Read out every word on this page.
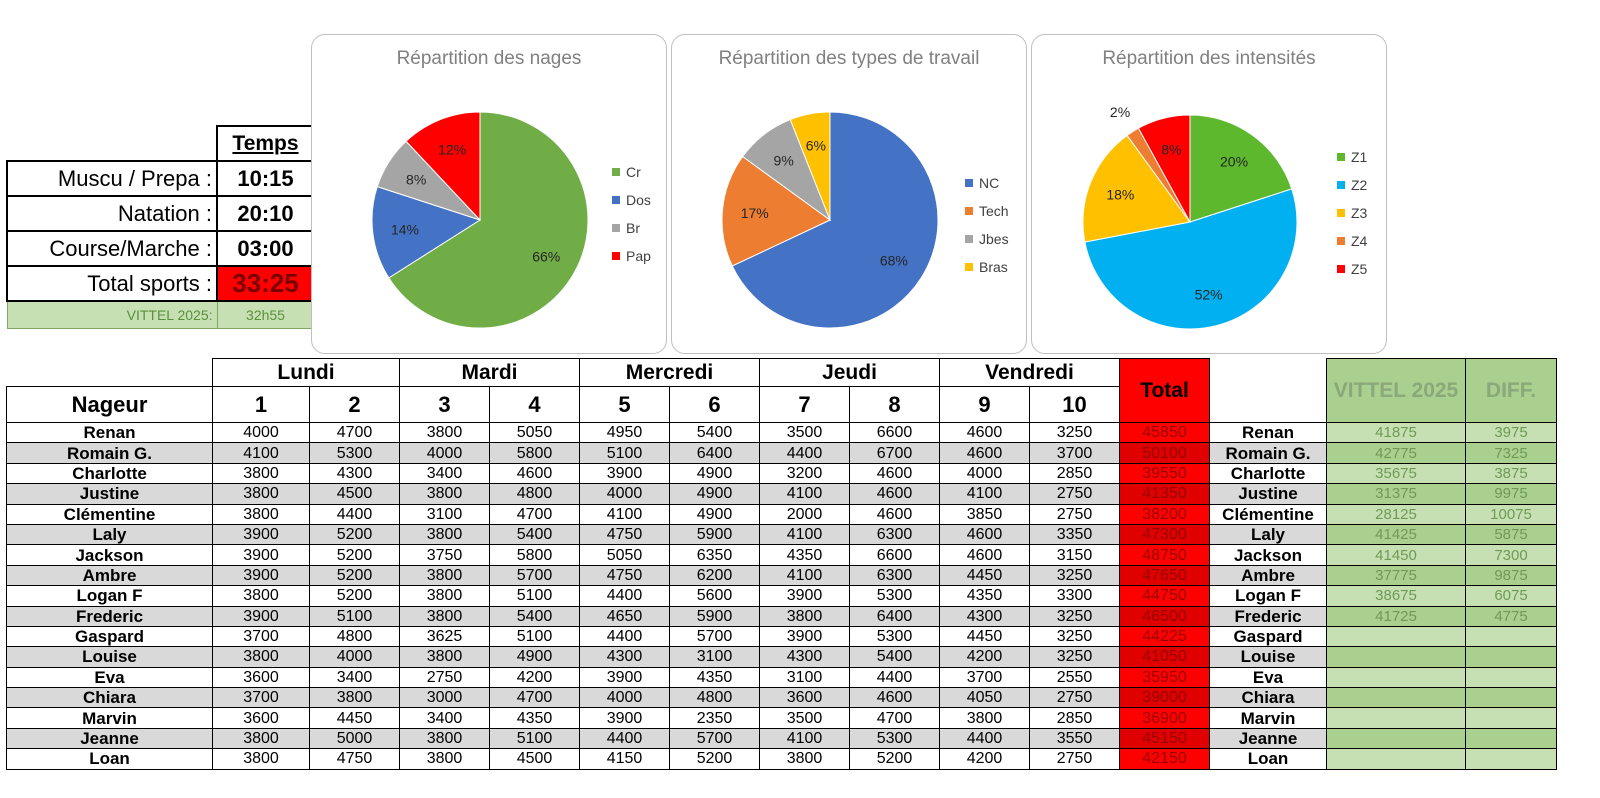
	Temps
Muscu / Prepa :	10:15
Natation :	20:10
Course/Marche :	03:00
Total sports :	33:25
VITTEL 2025:	32h55
Répartition des nages
66%
14%
8%
12%
Cr
Dos
Br
Pap
Répartition des types de travail
68%
17%
9%
6%
NC
Tech
Jbes
Bras
Répartition des intensités
20%
52%
18%
2%
8%	Z1
Z2
Z3
Z4
Z5
	Lundi		Mardi		Mercredi		Jeudi		Vendredi		Total		VITTEL 2025	DIFF.
Nageur	1	2	3	4	5	6	7	8	9	10				
Renan	4000	4700	3800	5050	4950	5400	3500	6600	4600	3250	45850	Renan	41875	3975
Romain G.	4100	5300	4000	5800	5100	6400	4400	6700	4600	3700	50100	Romain G.	42775	7325
Charlotte	3800	4300	3400	4600	3900	4900	3200	4600	4000	2850	39550	Charlotte	35675	3875
Justine	3800	4500	3800	4800	4000	4900	4100	4600	4100	2750	41350	Justine	31375	9975
Clémentine	3800	4400	3100	4700	4100	4900	2000	4600	3850	2750	38200	Clémentine	28125	10075
Laly	3900	5200	3800	5400	4750	5900	4100	6300	4600	3350	47300	Laly	41425	5875
Jackson	3900	5200	3750	5800	5050	6350	4350	6600	4600	3150	48750	Jackson	41450	7300
Ambre	3900	5200	3800	5700	4750	6200	4100	6300	4450	3250	47650	Ambre	37775	9875
Logan F	3800	5200	3800	5100	4400	5600	3900	5300	4350	3300	44750	Logan F	38675	6075
Frederic	3900	5100	3800	5400	4650	5900	3800	6400	4300	3250	46500	Frederic	41725	4775
Gaspard	3700	4800	3625	5100	4400	5700	3900	5300	4450	3250	44225	Gaspard		
Louise	3800	4000	3800	4900	4300	3100	4300	5400	4200	3250	41050	Louise		
Eva	3600	3400	2750	4200	3900	4350	3100	4400	3700	2550	35950	Eva		
Chiara	3700	3800	3000	4700	4000	4800	3600	4600	4050	2750	39000	Chiara		
Marvin	3600	4450	3400	4350	3900	2350	3500	4700	3800	2850	36900	Marvin		
Jeanne	3800	5000	3800	5100	4400	5700	4100	5300	4400	3550	45150	Jeanne		
Loan	3800	4750	3800	4500	4150	5200	3800	5200	4200	2750	42150	Loan		
